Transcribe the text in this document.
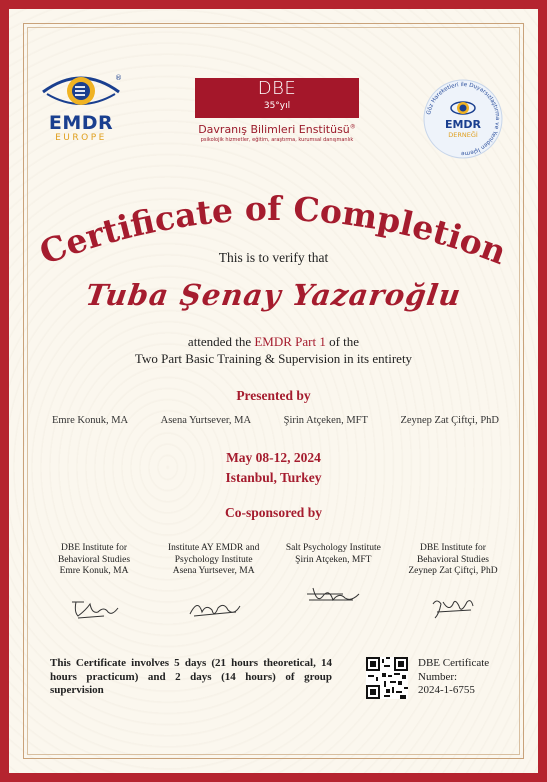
®
EMDR
EUROPE
DBE
35°yıl
Davranış Bilimleri Enstitüsü®
psikolojik hizmetler, eğitim, araştırma, kurumsal danışmanlık
Göz Hareketleri ile Duyarsızlaştırma ve Yeniden İşleme
EMDR
DERNEĞİ
Certificate of Completion
This is to verify that
Tuba Şenay Yazaroğlu
attended the EMDR Part 1 of the
Two Part Basic Training & Supervision in its entirety
Presented by
Emre Konuk, MA	Asena Yurtsever, MA	Şirin Atçeken, MFT	Zeynep Zat Çiftçi, PhD
May 08-12, 2024
Istanbul, Turkey
Co-sponsored by
DBE Institute for
Behavioral Studies
Emre Konuk, MA
Institute AY EMDR and
Psychology Institute
Asena Yurtsever, MA
Salt Psychology Institute
Şirin Atçeken, MFT
DBE Institute for
Behavioral Studies
Zeynep Zat Çiftçi, PhD
This Certificate involves 5 days (21 hours theoretical, 14 hours practicum) and 2 days (14 hours) of group supervision
DBE Certificate
Number:
2024-1-6755
